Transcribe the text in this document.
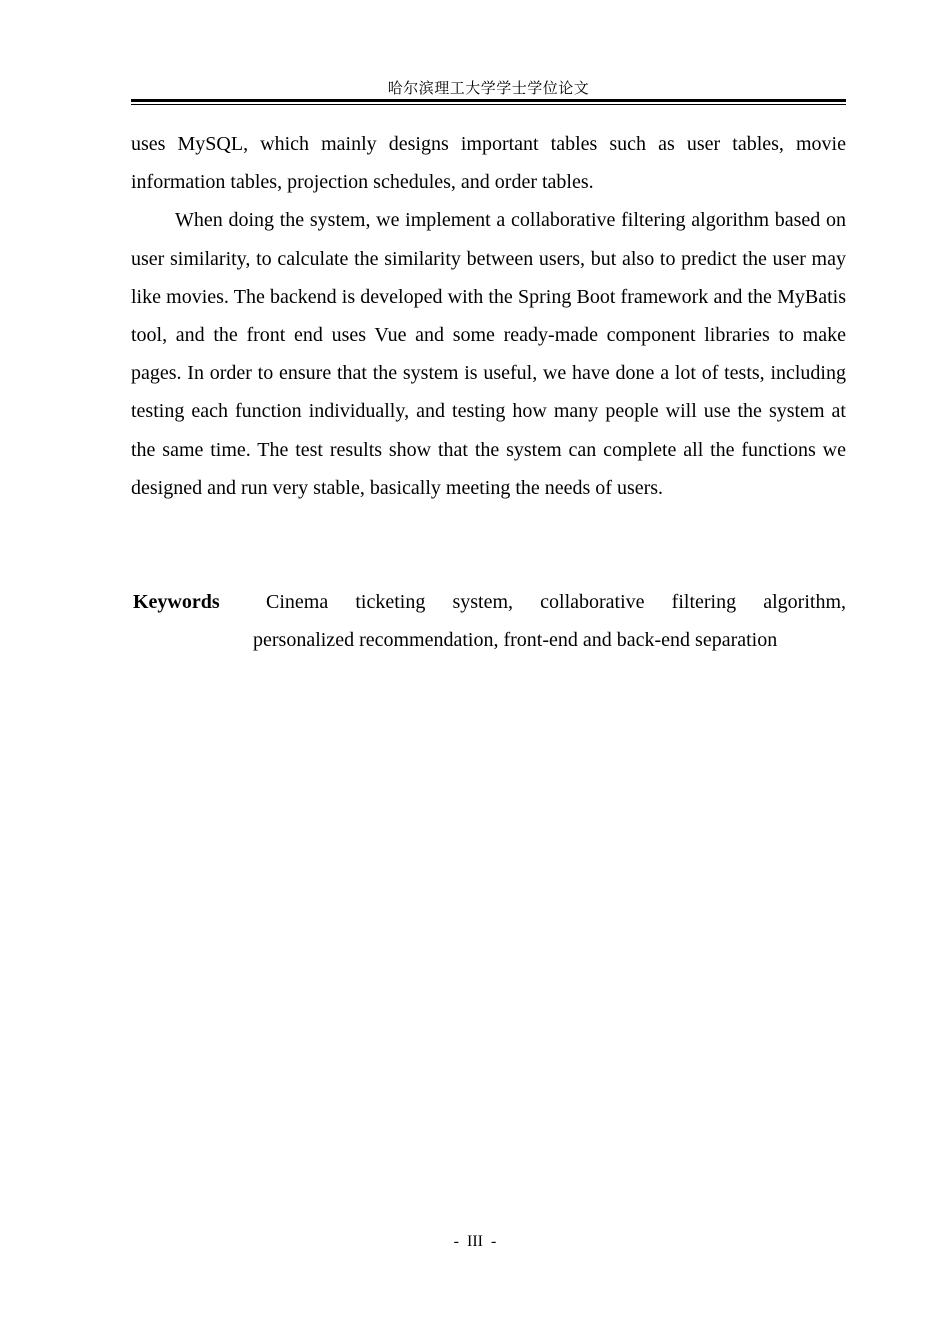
哈尔滨理工大学学士学位论文

uses MySQL, which mainly designs important tables such as user tables, movie information tables, projection schedules, and order tables.

When doing the system, we implement a collaborative filtering algorithm based on user similarity, to calculate the similarity between users, but also to predict the user may like movies. The backend is developed with the Spring Boot framework and the MyBatis tool, and the front end uses Vue and some ready-made component libraries to make pages. In order to ensure that the system is useful, we have done a lot of tests, including testing each function individually, and testing how many people will use the system at the same time. The test results show that the system can complete all the functions we designed and run very stable, basically meeting the needs of users.

Keywords	Cinema ticketing system, collaborative filtering algorithm,
personalized recommendation, front-end and back-end separation
-  III  -
